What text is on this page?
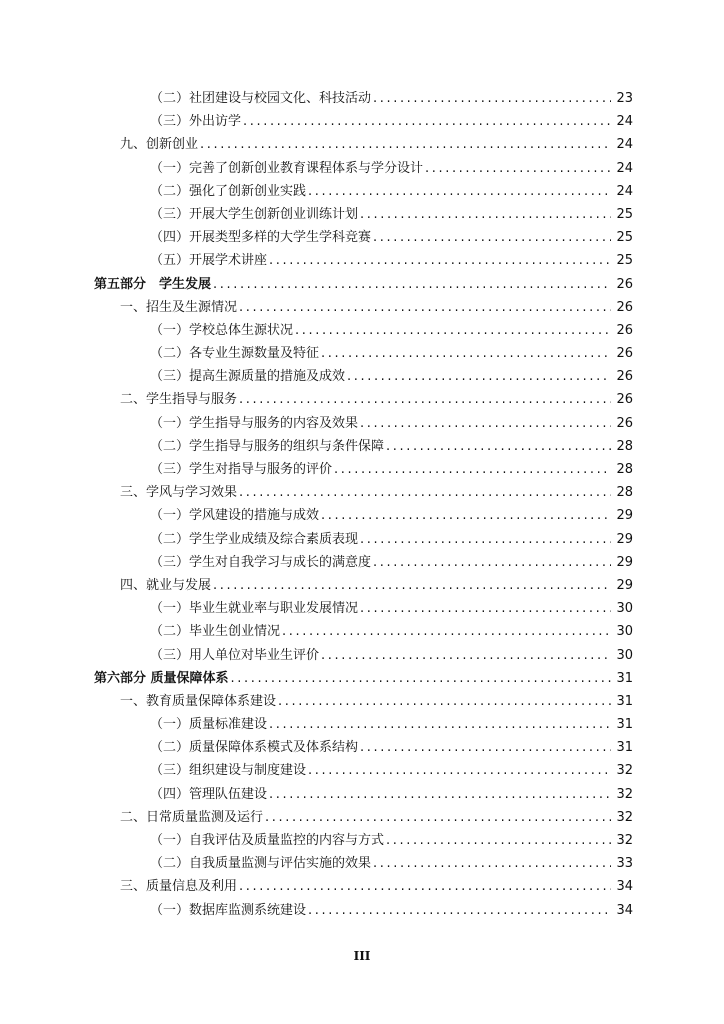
（二）社团建设与校园文化、科技活动 .....	23
（三）外出访学 .....	24
九、创新创业 .....	24
（一）完善了创新创业教育课程体系与学分设计 .....	24
（二）强化了创新创业实践 .....	24
（三）开展大学生创新创业训练计划 .....	25
（四）开展类型多样的大学生学科竞赛 .....	25
（五）开展学术讲座 .....	25
第五部分　学生发展 .....	26
一、招生及生源情况 .....	26
（一）学校总体生源状况 .....	26
（二）各专业生源数量及特征 .....	26
（三）提高生源质量的措施及成效 .....	26
二、学生指导与服务 .....	26
（一）学生指导与服务的内容及效果 .....	26
（二）学生指导与服务的组织与条件保障 .....	28
（三）学生对指导与服务的评价 .....	28
三、学风与学习效果 .....	28
（一）学风建设的措施与成效 .....	29
（二）学生学业成绩及综合素质表现 .....	29
（三）学生对自我学习与成长的满意度 .....	29
四、就业与发展 .....	29
（一）毕业生就业率与职业发展情况 .....	30
（二）毕业生创业情况 .....	30
（三）用人单位对毕业生评价 .....	30
第六部分 质量保障体系 .....	31
一、教育质量保障体系建设 .....	31
（一）质量标准建设 .....	31
（二）质量保障体系模式及体系结构 .....	31
（三）组织建设与制度建设 .....	32
（四）管理队伍建设 .....	32
二、日常质量监测及运行 .....	32
（一）自我评估及质量监控的内容与方式 .....	32
（二）自我质量监测与评估实施的效果 .....	33
三、质量信息及利用 .....	34
（一）数据库监测系统建设 .....	34
III
